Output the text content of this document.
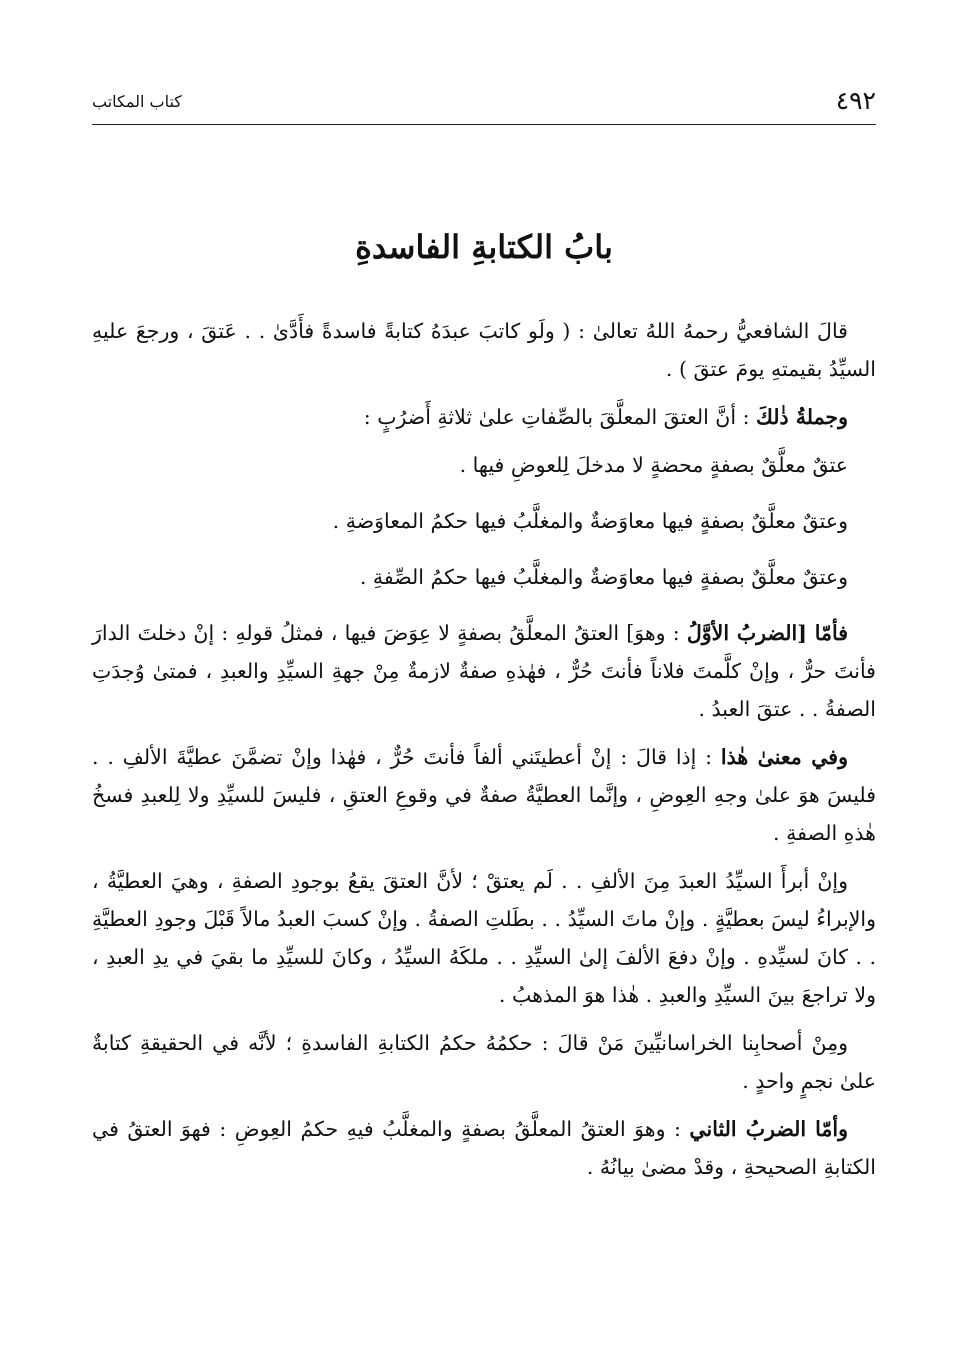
٤٩٢
كتاب المكاتب
بابُ الكتابةِ الفاسدةِ

قالَ الشافعيُّ رحمهُ اللهُ تعالىٰ : ( ولَو كاتبَ عبدَهُ كتابةً فاسدةً فأَدَّىٰ . . عَتقَ ، ورجعَ عليهِ السيِّدُ بقيمتهِ يومَ عتقَ ) .

وجملةُ ذٰلكَ : أنَّ العتقَ المعلَّقَ بالصِّفاتِ علىٰ ثلاثةِ أَضرُبٍ :

عتقٌ معلَّقٌ بصفةٍ محضةٍ لا مدخلَ لِلعوضِ فيها .

وعتقٌ معلَّقٌ بصفةٍ فيها معاوَضةٌ والمغلَّبُ فيها حكمُ المعاوَضةِ .

وعتقٌ معلَّقٌ بصفةٍ فيها معاوَضةٌ والمغلَّبُ فيها حكمُ الصِّفةِ .

فأمّا [الضربُ الأوَّلُ : وهوَ] العتقُ المعلَّقُ بصفةٍ لا عِوَضَ فيها ، فمثلُ قولهِ : إنْ دخلتَ الدارَ فأنتَ حرٌّ ، وإنْ كلَّمتَ فلاناً فأنتَ حُرٌّ ، فهٰذهِ صفةٌ لازمةٌ مِنْ جهةِ السيِّدِ والعبدِ ، فمتىٰ وُجدَتِ الصفةُ . . عتقَ العبدُ .

وفي معنىٰ هٰذا : إذا قالَ : إنْ أعطيتَني ألفاً فأنتَ حُرٌّ ، فهٰذا وإنْ تضمَّنَ عطيَّةَ الألفِ . . فليسَ هوَ علىٰ وجهِ العِوضِ ، وإنَّما العطيَّةُ صفةٌ في وقوعِ العتقِ ، فليسَ للسيِّدِ ولا لِلعبدِ فسخُ هٰذهِ الصفةِ .

وإنْ أبرأَ السيِّدُ العبدَ مِنَ الألفِ . . لَم يعتقْ ؛ لأنَّ العتقَ يقعُ بوجودِ الصفةِ ، وهيَ العطيَّةُ ، والإبراءُ ليسَ بعطيَّةٍ . وإنْ ماتَ السيِّدُ . . بطَلتِ الصفةُ . وإنْ كسبَ العبدُ مالاً قَبْلَ وجودِ العطيَّةِ . . كانَ لسيِّدهِ . وإنْ دفعَ الألفَ إلىٰ السيِّدِ . . ملكَهُ السيِّدُ ، وكانَ للسيِّدِ ما بقيَ في يدِ العبدِ ، ولا تراجعَ بينَ السيِّدِ والعبدِ . هٰذا هوَ المذهبُ .

ومِنْ أصحابِنا الخراسانيِّينَ مَنْ قالَ : حكمُهُ حكمُ الكتابةِ الفاسدةِ ؛ لأنَّه في الحقيقةِ كتابةٌ علىٰ نجمٍ واحدٍ .

وأمّا الضربُ الثاني : وهوَ العتقُ المعلَّقُ بصفةٍ والمغلَّبُ فيهِ حكمُ العِوضِ : فهوَ العتقُ في الكتابةِ الصحيحةِ ، وقدْ مضىٰ بيانُهُ .
